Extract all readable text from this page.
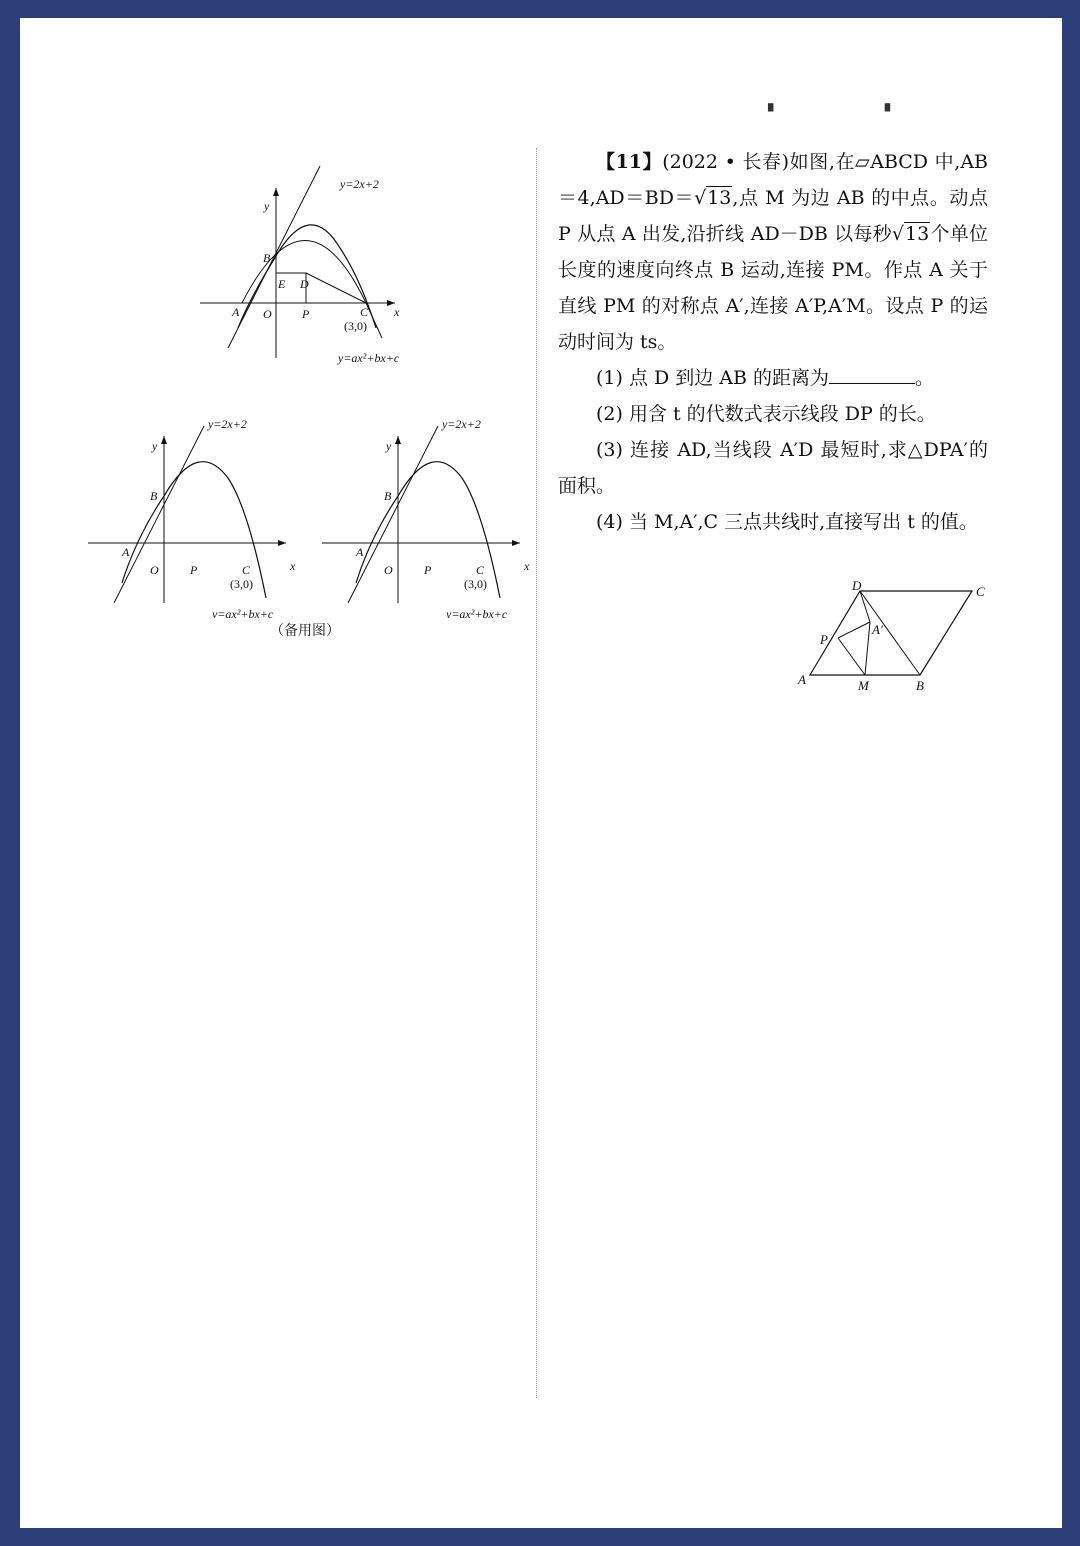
▖ ▗
y=2x+2
y
x
B
D
E
A O	P	C
(3,0)
y=ax²+bx+c
y=2x+2
y
x
B
A
O	P	C
(3,0)
y=ax²+bx+c
y=2x+2
y
x
B
A
O	P	C
(3,0)
y=ax²+bx+c
（备用图）

【11】(2022 • 长春)如图,在▱ABCD 中,AB＝4,AD＝BD＝√13,点 M 为边 AB 的中点。动点 P 从点 A 出发,沿折线 AD－DB 以每秒√13个单位长度的速度向终点 B 运动,连接 PM。作点 A 关于直线 PM 的对称点 A′,连接 A′P,A′M。设点 P 的运动时间为 ts。

(1) 点 D 到边 AB 的距离为	。

(2) 用含 t 的代数式表示线段 DP 的长。

(3) 连接 AD,当线段 A′D 最短时,求△DPA′的面积。

(4) 当 M,A′,C 三点共线时,直接写出 t 的值。

A	B
C
D
M
P
A′
